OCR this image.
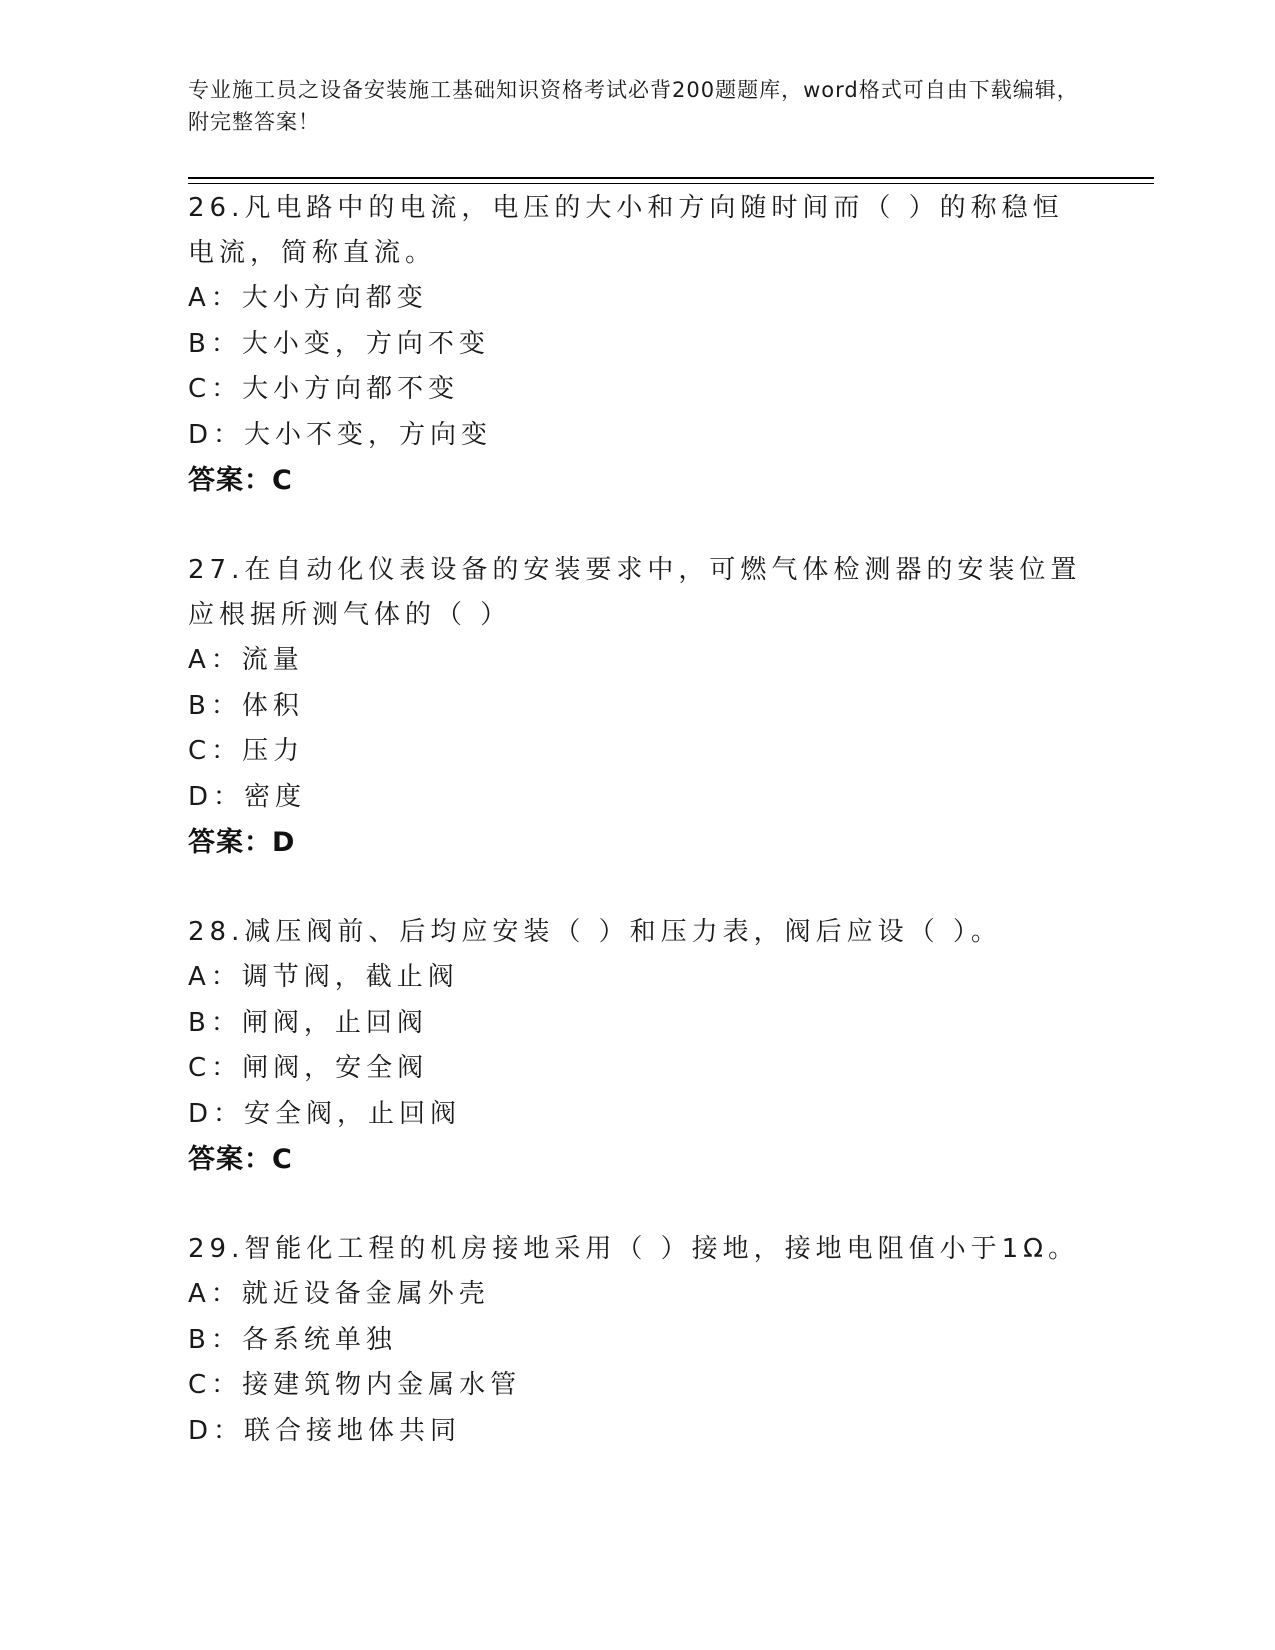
专业施工员之设备安装施工基础知识资格考试必背200题题库，word格式可自由下载编辑，附完整答案！
26.凡电路中的电流，电压的大小和方向随时间而（ ）的称稳恒电流，简称直流。
A：大小方向都变
B：大小变，方向不变
C：大小方向都不变
D：大小不变，方向变
答案：C
27.在自动化仪表设备的安装要求中，可燃气体检测器的安装位置应根据所测气体的（ ）
A：流量
B：体积
C：压力
D：密度
答案：D
28.减压阀前、后均应安装（ ）和压力表，阀后应设（ ）。
A：调节阀，截止阀
B：闸阀，止回阀
C：闸阀，安全阀
D：安全阀，止回阀
答案：C
29.智能化工程的机房接地采用（ ）接地，接地电阻值小于1Ω。
A：就近设备金属外壳
B：各系统单独
C：接建筑物内金属水管
D：联合接地体共同
